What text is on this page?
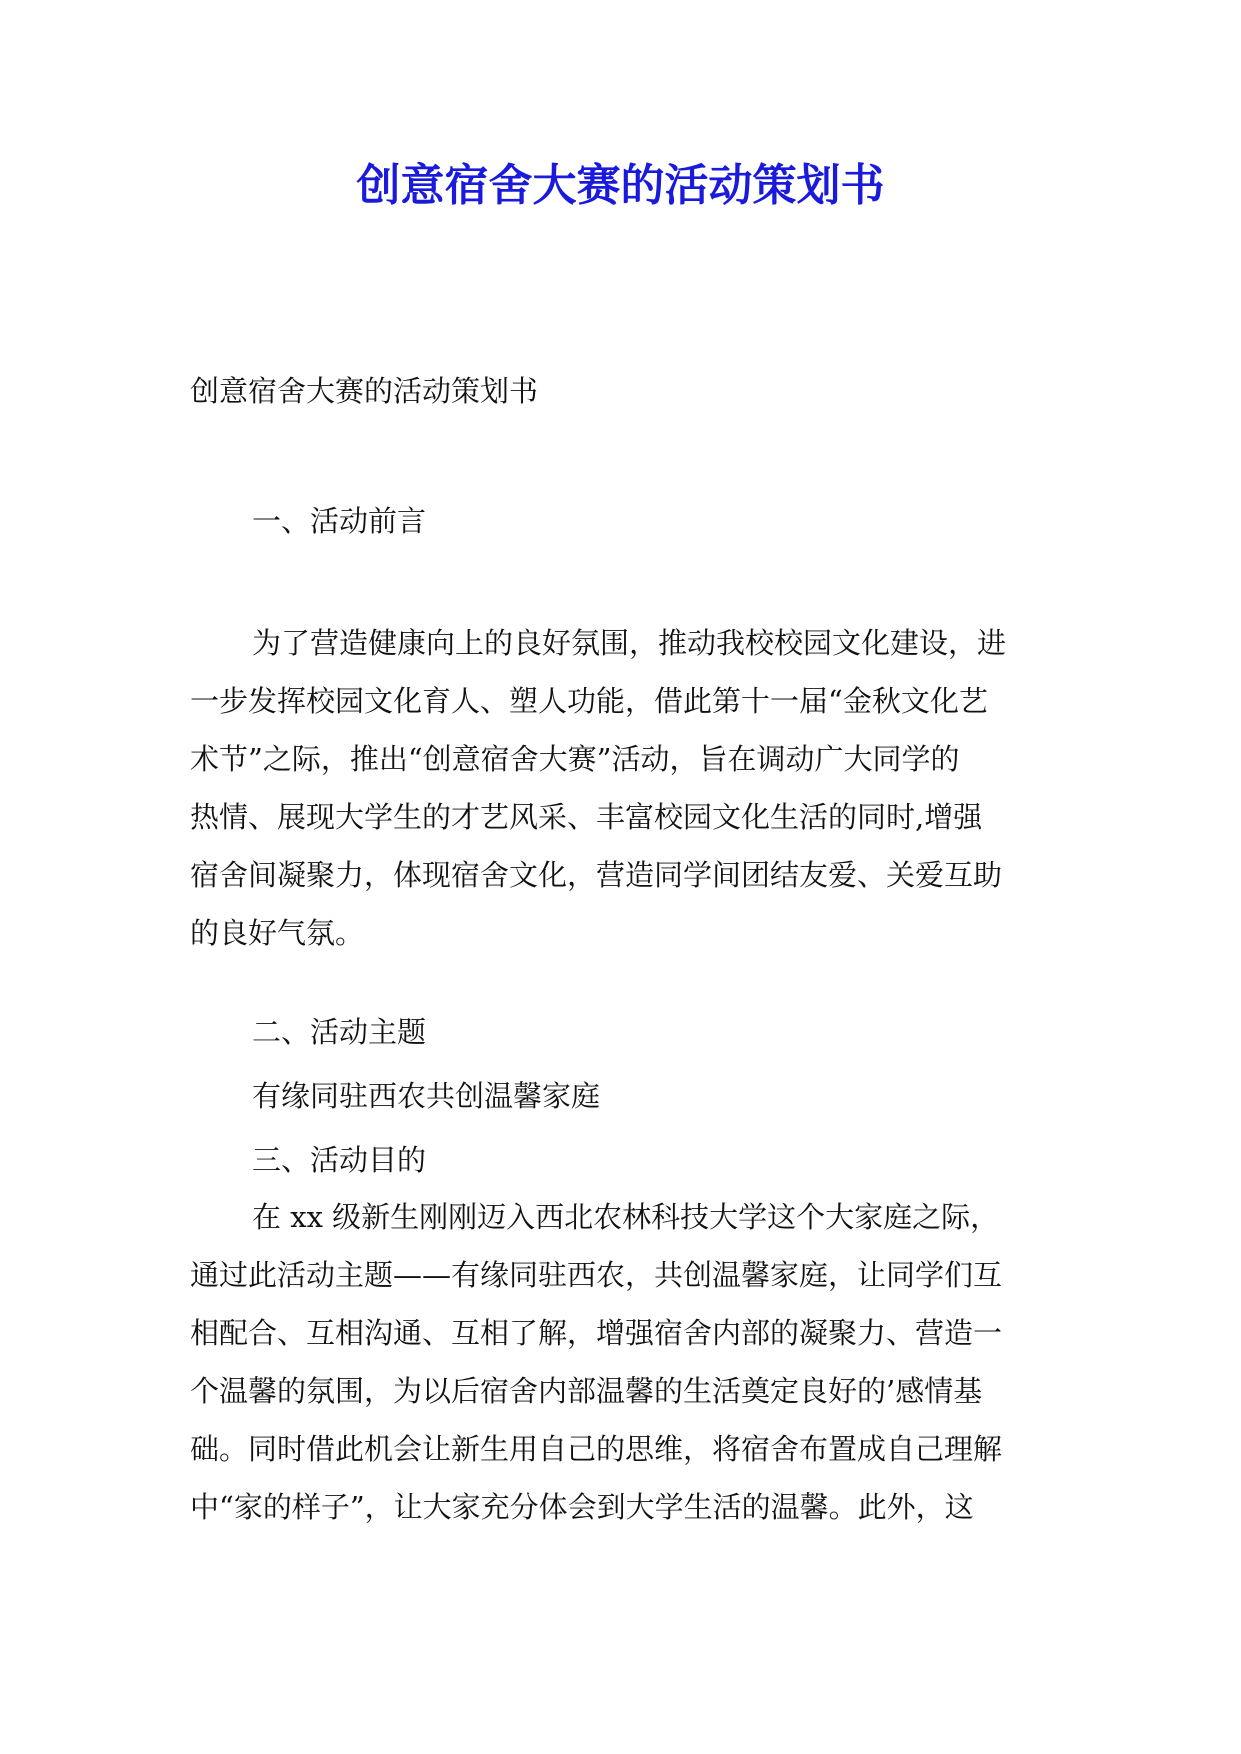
创意宿舍大赛的活动策划书

创意宿舍大赛的活动策划书

一、活动前言

为了营造健康向上的良好氛围，推动我校校园文化建设，进
一步发挥校园文化育人、塑人功能，借此第十一届“金秋文化艺
术节”之际，推出“创意宿舍大赛”活动，旨在调动广大同学的
热情、展现大学生的才艺风采、丰富校园文化生活的同时,增强
宿舍间凝聚力，体现宿舍文化，营造同学间团结友爱、关爱互助
的良好气氛。

二、活动主题

有缘同驻西农共创温馨家庭

三、活动目的

在 xx 级新生刚刚迈入西北农林科技大学这个大家庭之际，
通过此活动主题——有缘同驻西农，共创温馨家庭，让同学们互
相配合、互相沟通、互相了解，增强宿舍内部的凝聚力、营造一
个温馨的氛围，为以后宿舍内部温馨的生活奠定良好的’感情基
础。同时借此机会让新生用自己的思维，将宿舍布置成自己理解
中“家的样子”，让大家充分体会到大学生活的温馨。此外，这
